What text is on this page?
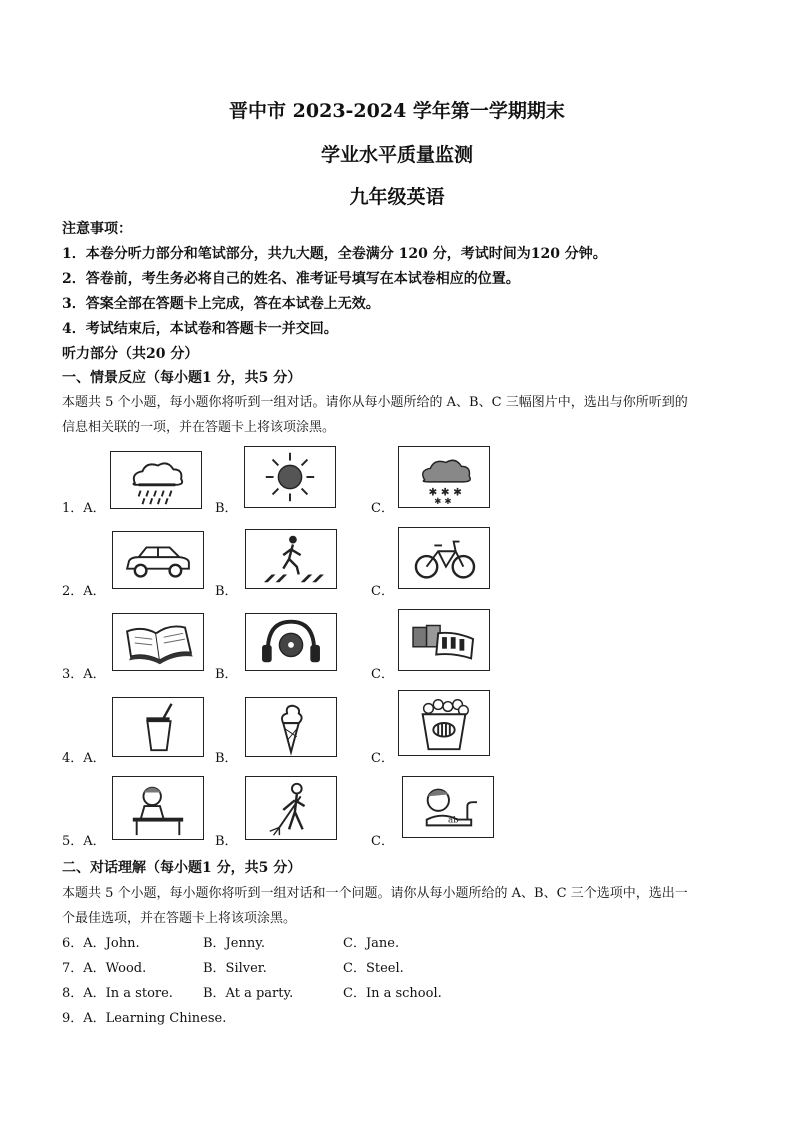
晋中市 2023-2024 学年第一学期期末
学业水平质量监测
九年级英语
注意事项：
1．本卷分听力部分和笔试部分，共九大题，全卷满分 120 分，考试时间为120 分钟。
2．答卷前，考生务必将自己的姓名、准考证号填写在本试卷相应的位置。
3．答案全部在答题卡上完成，答在本试卷上无效。
4．考试结束后，本试卷和答题卡一并交回。
听力部分（共20 分）
一、情景反应（每小题1 分，共5 分）
本题共 5 个小题，每小题你将听到一组对话。请你从每小题所给的 A、B、C 三幅图片中，选出与你所听到的
信息相关联的一项，并在答题卡上将该项涂黑。
1．A．	B．	C．
✱ ✱ ✱
✱ ✱
2．A．	B．	C．
3．A．	B．	C．
4．A．	B．	C．
5．A．	B．	C．
ab
二、对话理解（每小题1 分，共5 分）
本题共 5 个小题，每小题你将听到一组对话和一个问题。请你从每小题所给的 A、B、C 三个选项中，选出一
个最佳选项，并在答题卡上将该项涂黑。
6．A．John.	B．Jenny.	C．Jane.
7．A．Wood.	B．Silver.	C．Steel.
8．A．In a store. B．At a party.	C．In a school.
9．A．Learning Chinese.
